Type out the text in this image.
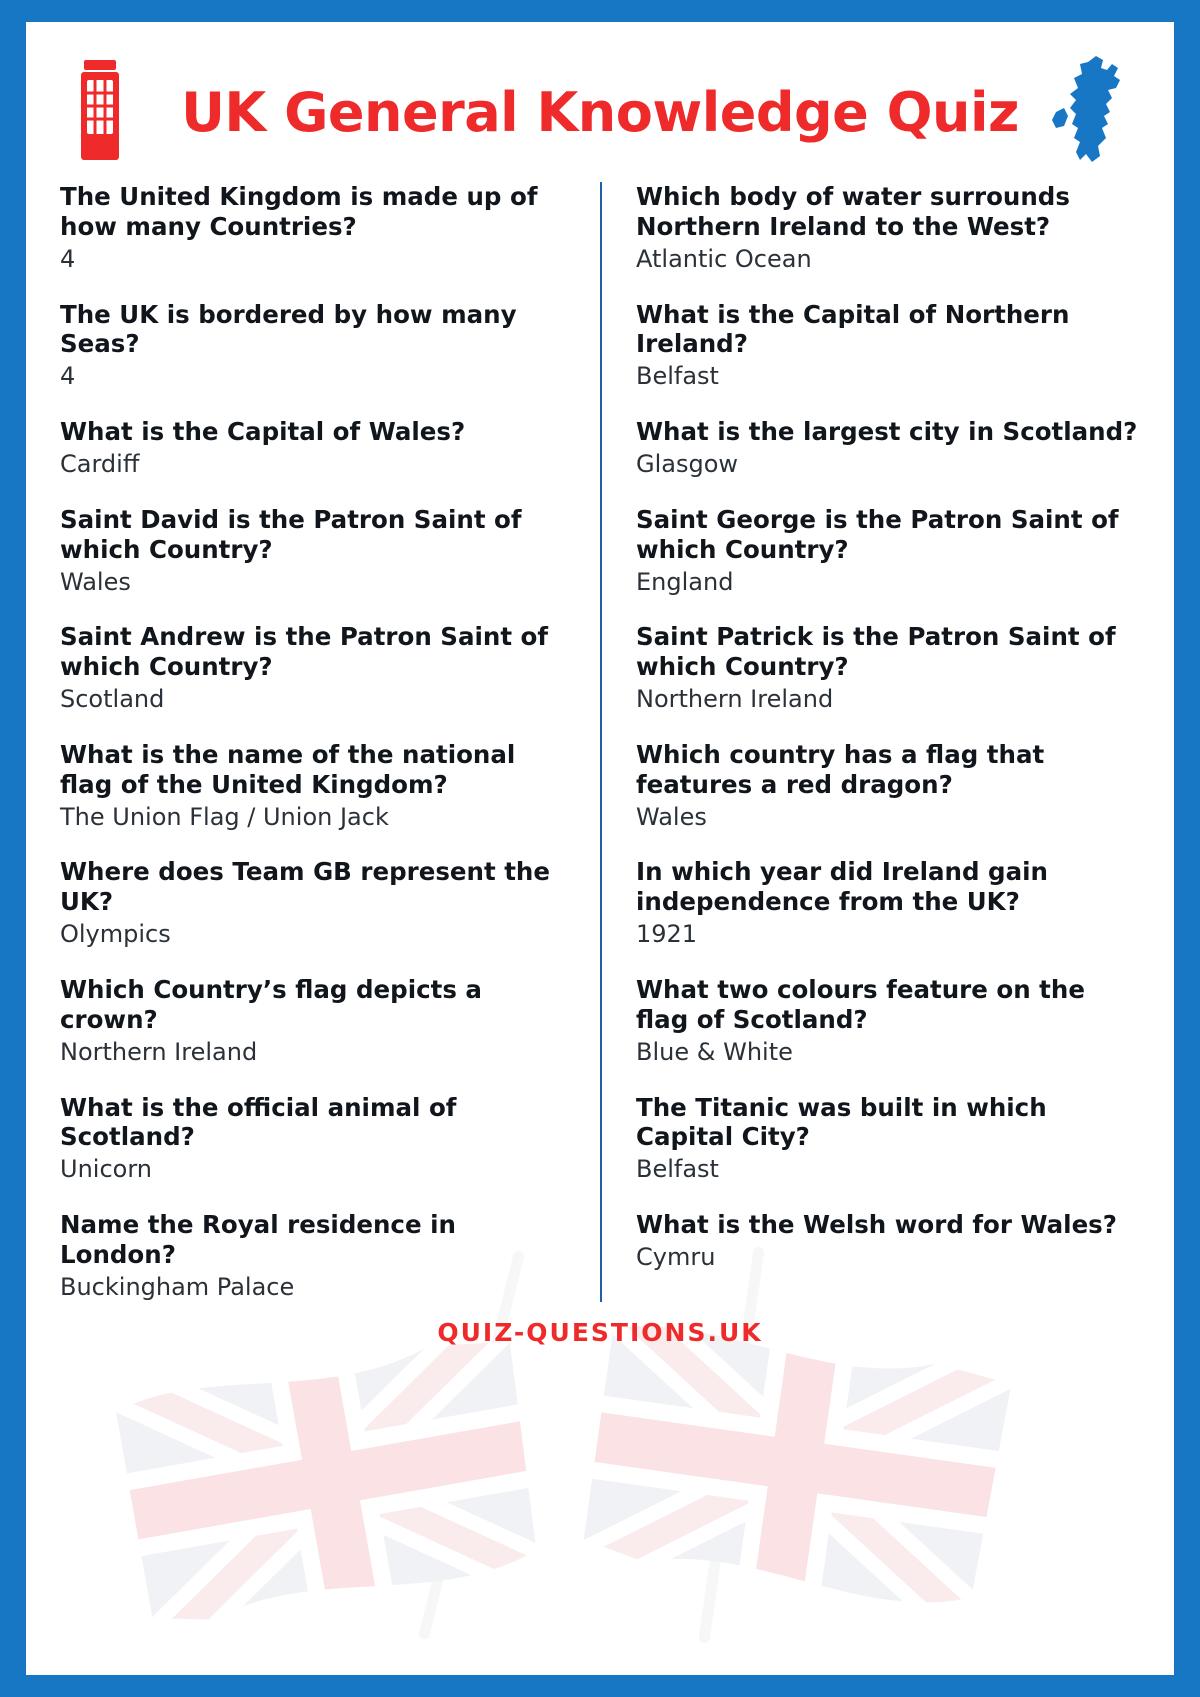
UK General Knowledge Quiz
The United Kingdom is made up of how many Countries?
4
The UK is bordered by how many Seas?
4
What is the Capital of Wales?
Cardiff
Saint David is the Patron Saint of which Country?
Wales
Saint Andrew is the Patron Saint of which Country?
Scotland
What is the name of the national flag of the United Kingdom?
The Union Flag / Union Jack
Where does Team GB represent the UK?
Olympics
Which Country’s flag depicts a crown?
Northern Ireland
What is the official animal of Scotland?
Unicorn
Name the Royal residence in London?
Buckingham Palace
Which body of water surrounds Northern Ireland to the West?
Atlantic Ocean
What is the Capital of Northern Ireland?
Belfast
What is the largest city in Scotland?
Glasgow
Saint George is the Patron Saint of which Country?
England
Saint Patrick is the Patron Saint of which Country?
Northern Ireland
Which country has a flag that features a red dragon?
Wales
In which year did Ireland gain independence from the UK?
1921
What two colours feature on the flag of Scotland?
Blue & White
The Titanic was built in which Capital City?
Belfast
What is the Welsh word for Wales?
Cymru
QUIZ-QUESTIONS.UK
